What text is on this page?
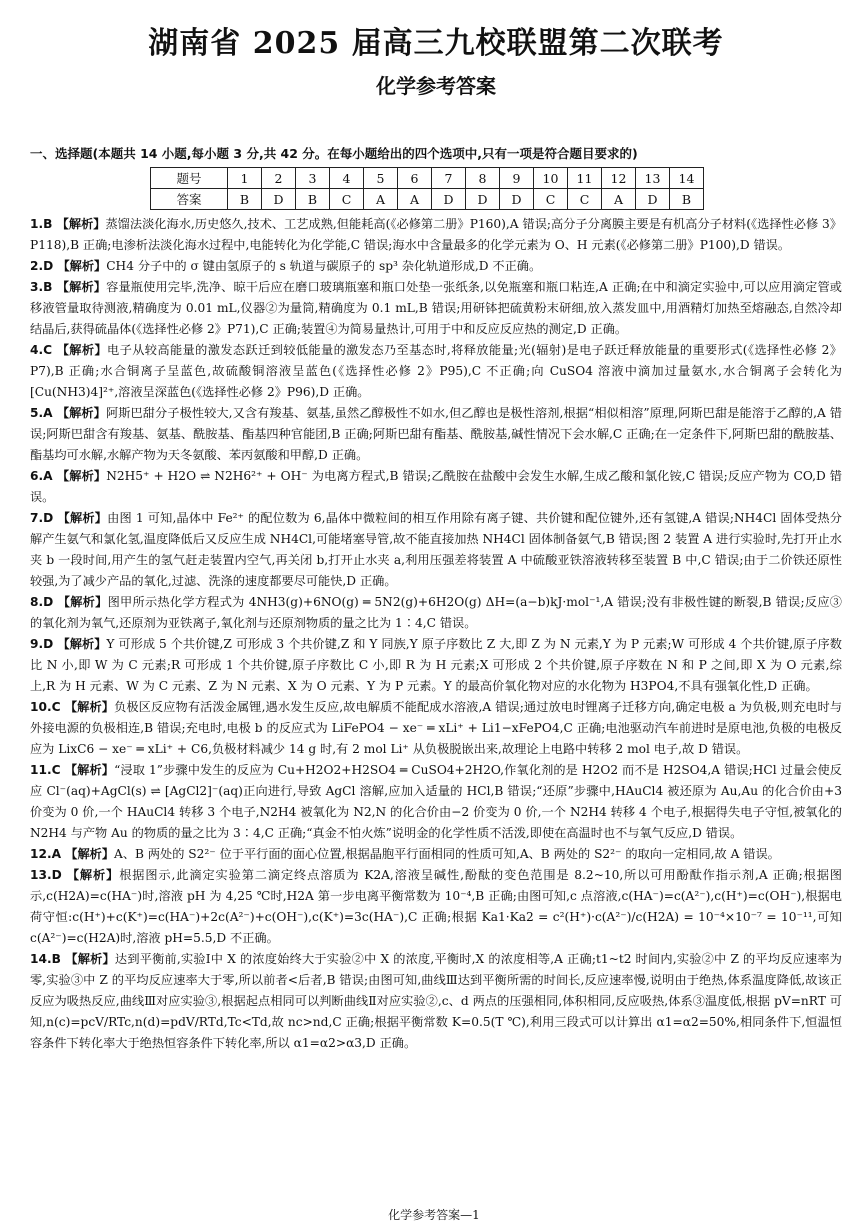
湖南省 2025 届高三九校联盟第二次联考
化学参考答案
一、选择题(本题共 14 小题,每小题 3 分,共 42 分。在每小题给出的四个选项中,只有一项是符合题目要求的)
题号	1	2	3	4	5	6	7	8	9	10	11	12	13	14
答案	B	D	B	C	A	A	D	D	D	C	C	A	D	B

1.B 【解析】蒸馏法淡化海水,历史悠久,技术、工艺成熟,但能耗高(《必修第二册》P160),A 错误;高分子分离膜主要是有机高分子材料(《选择性必修 3》P118),B 正确;电渗析法淡化海水过程中,电能转化为化学能,C 错误;海水中含量最多的化学元素为 O、H 元素(《必修第二册》P100),D 错误。

2.D 【解析】CH4 分子中的 σ 键由氢原子的 s 轨道与碳原子的 sp³ 杂化轨道形成,D 不正确。

3.B 【解析】容量瓶使用完毕,洗净、晾干后应在磨口玻璃瓶塞和瓶口处垫一张纸条,以免瓶塞和瓶口粘连,A 正确;在中和滴定实验中,可以应用滴定管或移液管量取待测液,精确度为 0.01 mL,仪器②为量筒,精确度为 0.1 mL,B 错误;用研钵把硫黄粉末研细,放入蒸发皿中,用酒精灯加热至熔融态,自然冷却结晶后,获得硫晶体(《选择性必修 2》P71),C 正确;装置④为简易量热计,可用于中和反应反应热的测定,D 正确。

4.C 【解析】电子从较高能量的激发态跃迁到较低能量的激发态乃至基态时,将释放能量;光(辐射)是电子跃迁释放能量的重要形式(《选择性必修 2》P7),B 正确;水合铜离子呈蓝色,故硫酸铜溶液呈蓝色(《选择性必修 2》P95),C 不正确;向 CuSO4 溶液中滴加过量氨水,水合铜离子会转化为[Cu(NH3)4]²⁺,溶液呈深蓝色(《选择性必修 2》P96),D 正确。

5.A 【解析】阿斯巴甜分子极性较大,又含有羧基、氨基,虽然乙醇极性不如水,但乙醇也是极性溶剂,根据“相似相溶”原理,阿斯巴甜是能溶于乙醇的,A 错误;阿斯巴甜含有羧基、氨基、酰胺基、酯基四种官能团,B 正确;阿斯巴甜有酯基、酰胺基,碱性情况下会水解,C 正确;在一定条件下,阿斯巴甜的酰胺基、酯基均可水解,水解产物为天冬氨酸、苯丙氨酸和甲醇,D 正确。

6.A 【解析】N2H5⁺ + H2O ⇌ N2H6²⁺ + OH⁻ 为电离方程式,B 错误;乙酰胺在盐酸中会发生水解,生成乙酸和氯化铵,C 错误;反应产物为 CO,D 错误。

7.D 【解析】由图 1 可知,晶体中 Fe²⁺ 的配位数为 6,晶体中微粒间的相互作用除有离子键、共价键和配位键外,还有氢键,A 错误;NH4Cl 固体受热分解产生氨气和氯化氢,温度降低后又反应生成 NH4Cl,可能堵塞导管,故不能直接加热 NH4Cl 固体制备氨气,B 错误;图 2 装置 A 进行实验时,先打开止水夹 b 一段时间,用产生的氢气赶走装置内空气,再关闭 b,打开止水夹 a,利用压强差将装置 A 中硫酸亚铁溶液转移至装置 B 中,C 错误;由于二价铁还原性较强,为了减少产品的氧化,过滤、洗涤的速度都要尽可能快,D 正确。

8.D 【解析】图甲所示热化学方程式为 4NH3(g)+6NO(g) ═ 5N2(g)+6H2O(g) ΔH=(a−b)kJ·mol⁻¹,A 错误;没有非极性键的断裂,B 错误;反应③的氧化剂为氧气,还原剂为亚铁离子,氧化剂与还原剂物质的量之比为 1∶4,C 错误。

9.D 【解析】Y 可形成 5 个共价键,Z 可形成 3 个共价键,Z 和 Y 同族,Y 原子序数比 Z 大,即 Z 为 N 元素,Y 为 P 元素;W 可形成 4 个共价键,原子序数比 N 小,即 W 为 C 元素;R 可形成 1 个共价键,原子序数比 C 小,即 R 为 H 元素;X 可形成 2 个共价键,原子序数在 N 和 P 之间,即 X 为 O 元素,综上,R 为 H 元素、W 为 C 元素、Z 为 N 元素、X 为 O 元素、Y 为 P 元素。Y 的最高价氧化物对应的水化物为 H3PO4,不具有强氧化性,D 正确。

10.C 【解析】负极区反应物有活泼金属锂,遇水发生反应,故电解质不能配成水溶液,A 错误;通过放电时锂离子迁移方向,确定电极 a 为负极,则充电时与外接电源的负极相连,B 错误;充电时,电极 b 的反应式为 LiFePO4 − xe⁻ ═ xLi⁺ + Li1−xFePO4,C 正确;电池驱动汽车前进时是原电池,负极的电极反应为 LixC6 − xe⁻ ═ xLi⁺ + C6,负极材料减少 14 g 时,有 2 mol Li⁺ 从负极脱嵌出来,故理论上电路中转移 2 mol 电子,故 D 错误。

11.C 【解析】“浸取 1”步骤中发生的反应为 Cu+H2O2+H2SO4 ═ CuSO4+2H2O,作氧化剂的是 H2O2 而不是 H2SO4,A 错误;HCl 过量会使反应 Cl⁻(aq)+AgCl(s) ⇌ [AgCl2]⁻(aq)正向进行,导致 AgCl 溶解,应加入适量的 HCl,B 错误;“还原”步骤中,HAuCl4 被还原为 Au,Au 的化合价由+3 价变为 0 价,一个 HAuCl4 转移 3 个电子,N2H4 被氧化为 N2,N 的化合价由−2 价变为 0 价,一个 N2H4 转移 4 个电子,根据得失电子守恒,被氧化的 N2H4 与产物 Au 的物质的量之比为 3∶4,C 正确;“真金不怕火炼”说明金的化学性质不活泼,即使在高温时也不与氧气反应,D 错误。

12.A 【解析】A、B 两处的 S2²⁻ 位于平行面的面心位置,根据晶胞平行面相同的性质可知,A、B 两处的 S2²⁻ 的取向一定相同,故 A 错误。

13.D 【解析】根据图示,此滴定实验第二滴定终点溶质为 K2A,溶液呈碱性,酚酞的变色范围是 8.2~10,所以可用酚酞作指示剂,A 正确;根据图示,c(H2A)=c(HA⁻)时,溶液 pH 为 4,25 ℃时,H2A 第一步电离平衡常数为 10⁻⁴,B 正确;由图可知,c 点溶液,c(HA⁻)=c(A²⁻),c(H⁺)=c(OH⁻),根据电荷守恒:c(H⁺)+c(K⁺)=c(HA⁻)+2c(A²⁻)+c(OH⁻),c(K⁺)=3c(HA⁻),C 正确;根据 Ka1·Ka2 = c²(H⁺)·c(A²⁻)/c(H2A) = 10⁻⁴×10⁻⁷ = 10⁻¹¹,可知 c(A²⁻)=c(H2A)时,溶液 pH=5.5,D 不正确。

14.B 【解析】达到平衡前,实验Ⅰ中 X 的浓度始终大于实验②中 X 的浓度,平衡时,X 的浓度相等,A 正确;t1~t2 时间内,实验②中 Z 的平均反应速率为零,实验③中 Z 的平均反应速率大于零,所以前者<后者,B 错误;由图可知,曲线Ⅲ达到平衡所需的时间长,反应速率慢,说明由于绝热,体系温度降低,故该正反应为吸热反应,曲线Ⅲ对应实验③,根据起点相同可以判断曲线Ⅱ对应实验②,c、d 两点的压强相同,体积相同,反应吸热,体系③温度低,根据 pV=nRT 可知,n(c)=pcV/RTc,n(d)=pdV/RTd,Tc<Td,故 nc>nd,C 正确;根据平衡常数 K=0.5(T ℃),利用三段式可以计算出 α1=α2=50%,相同条件下,恒温恒容条件下转化率大于绝热恒容条件下转化率,所以 α1=α2>α3,D 正确。

化学参考答案—1
